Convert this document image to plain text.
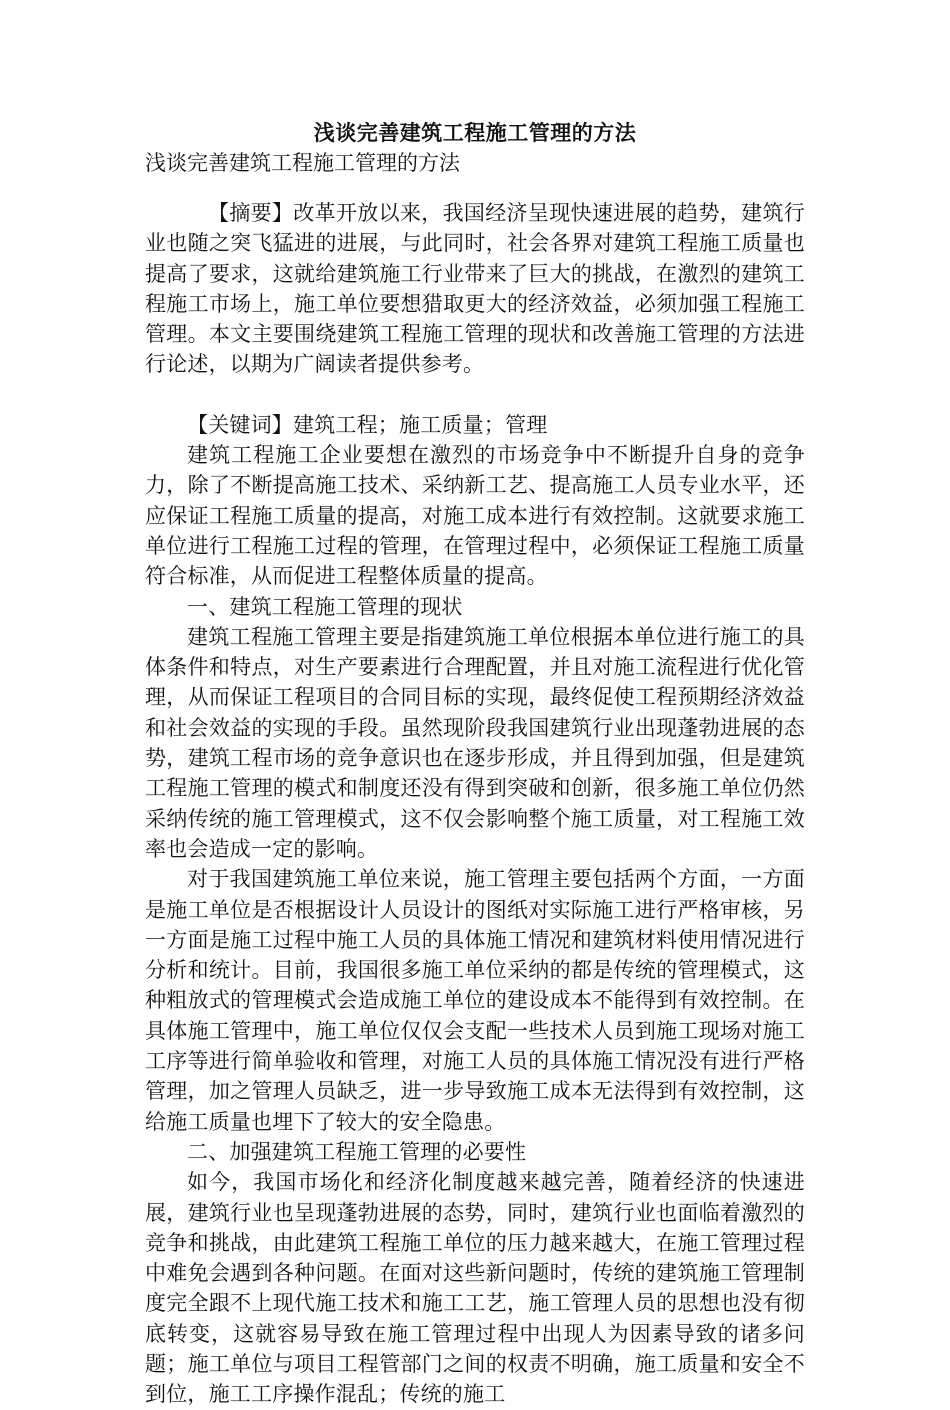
浅谈完善建筑工程施工管理的方法

浅谈完善建筑工程施工管理的方法

【摘要】改革开放以来，我国经济呈现快速进展的趋势，建筑行业也随之突飞猛进的进展，与此同时，社会各界对建筑工程施工质量也提高了要求，这就给建筑施工行业带来了巨大的挑战，在激烈的建筑工程施工市场上，施工单位要想猎取更大的经济效益，必须加强工程施工管理。本文主要围绕建筑工程施工管理的现状和改善施工管理的方法进行论述，以期为广阔读者提供参考。

【关键词】建筑工程；施工质量；管理

建筑工程施工企业要想在激烈的市场竞争中不断提升自身的竞争力，除了不断提高施工技术、采纳新工艺、提高施工人员专业水平，还应保证工程施工质量的提高，对施工成本进行有效控制。这就要求施工单位进行工程施工过程的管理，在管理过程中，必须保证工程施工质量符合标准，从而促进工程整体质量的提高。

一、建筑工程施工管理的现状

建筑工程施工管理主要是指建筑施工单位根据本单位进行施工的具体条件和特点，对生产要素进行合理配置，并且对施工流程进行优化管理，从而保证工程项目的合同目标的实现，最终促使工程预期经济效益和社会效益的实现的手段。虽然现阶段我国建筑行业出现蓬勃进展的态势，建筑工程市场的竞争意识也在逐步形成，并且得到加强，但是建筑工程施工管理的模式和制度还没有得到突破和创新，很多施工单位仍然采纳传统的施工管理模式，这不仅会影响整个施工质量，对工程施工效率也会造成一定的影响。

对于我国建筑施工单位来说，施工管理主要包括两个方面，一方面是施工单位是否根据设计人员设计的图纸对实际施工进行严格审核，另一方面是施工过程中施工人员的具体施工情况和建筑材料使用情况进行分析和统计。目前，我国很多施工单位采纳的都是传统的管理模式，这种粗放式的管理模式会造成施工单位的建设成本不能得到有效控制。在具体施工管理中，施工单位仅仅会支配一些技术人员到施工现场对施工工序等进行简单验收和管理，对施工人员的具体施工情况没有进行严格管理，加之管理人员缺乏，进一步导致施工成本无法得到有效控制，这给施工质量也埋下了较大的安全隐患。

二、加强建筑工程施工管理的必要性

如今，我国市场化和经济化制度越来越完善，随着经济的快速进展，建筑行业也呈现蓬勃进展的态势，同时，建筑行业也面临着激烈的竞争和挑战，由此建筑工程施工单位的压力越来越大，在施工管理过程中难免会遇到各种问题。在面对这些新问题时，传统的建筑施工管理制度完全跟不上现代施工技术和施工工艺，施工管理人员的思想也没有彻底转变，这就容易导致在施工管理过程中出现人为因素导致的诸多问题；施工单位与项目工程管部门之间的权责不明确，施工质量和安全不到位，施工工序操作混乱；传统的施工
